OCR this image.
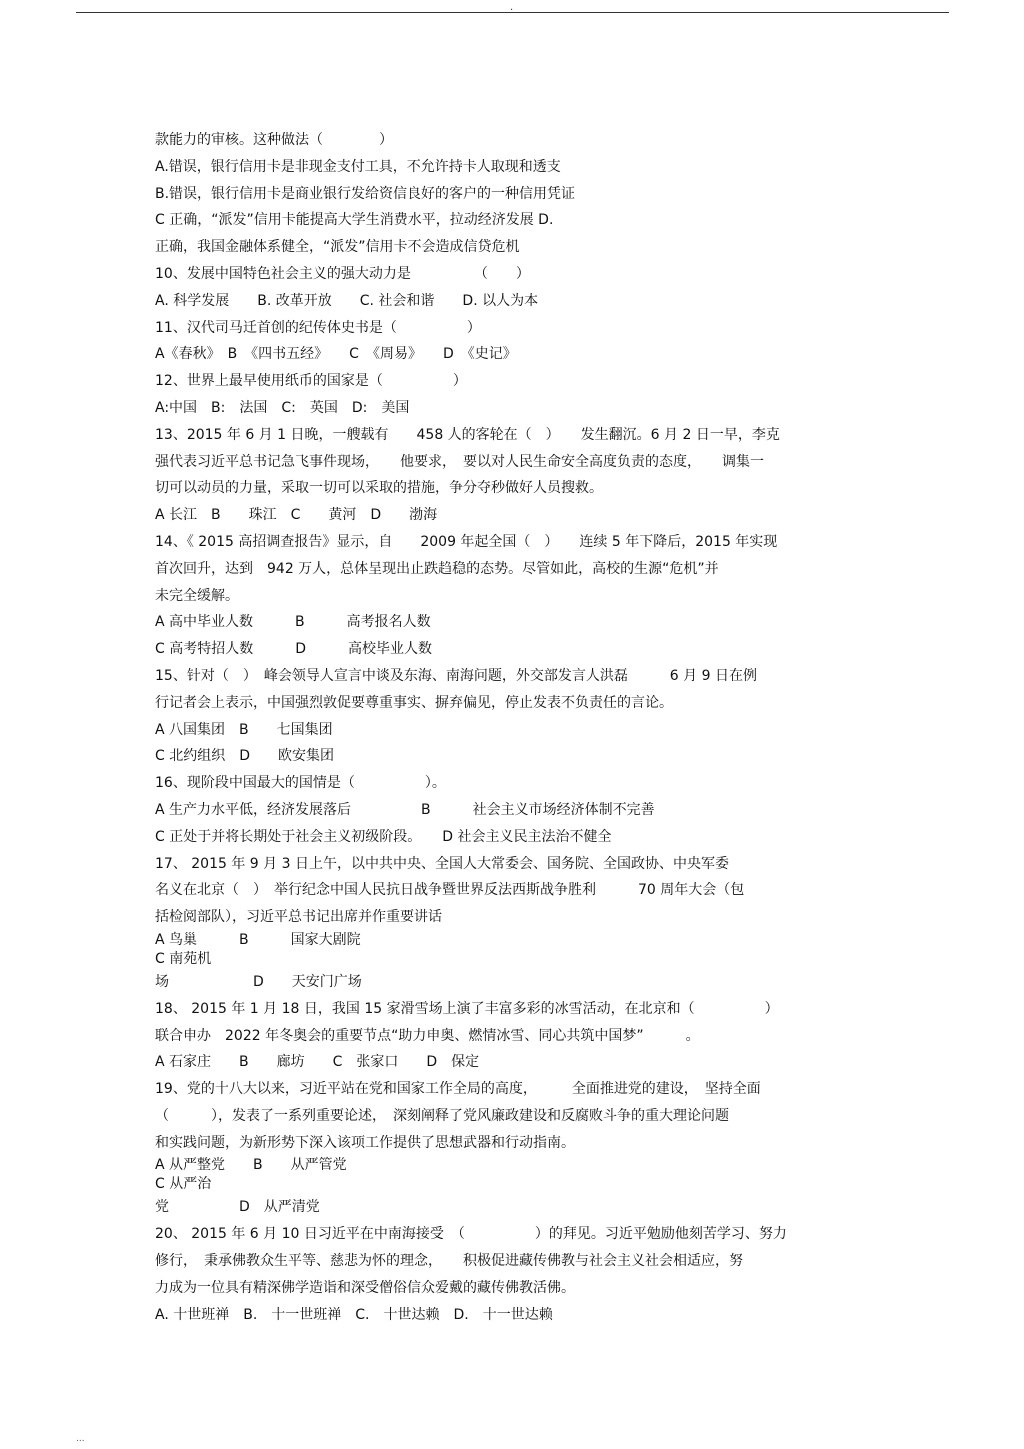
.
款能力的审核。这种做法（　　　　）
A.错误，银行信用卡是非现金支付工具，不允许持卡人取现和透支
B.错误，银行信用卡是商业银行发给资信良好的客户的一种信用凭证
C 正确，“派发”信用卡能提高大学生消费水平，拉动经济发展 D.
正确，我国金融体系健全，“派发”信用卡不会造成信贷危机
10、发展中国特色社会主义的强大动力是　　　　　（　　）
A. 科学发展　　B. 改革开放　　C. 社会和谐　　D. 以人为本
11、汉代司马迁首创的纪传体史书是（　　　　　）
A《春秋》　B　《四书五经》　　C　《周易》　　D　《史记》
12、世界上最早使用纸币的国家是（　　　　　）
A:中国　B:　法国　C:　英国　D:　美国
13、2015 年 6 月 1 日晚，一艘载有　　458 人的客轮在（　）　　发生翻沉。6 月 2 日一早，李克
强代表习近平总书记急飞事件现场，　　他要求，　要以对人民生命安全高度负责的态度，　　调集一
切可以动员的力量，采取一切可以采取的措施，争分夺秒做好人员搜救。
A 长江　B　　珠江　C　　黄河　D　　渤海
14、《 2015 高招调查报告》显示，自　　2009 年起全国（　）　　连续 5 年下降后，2015 年实现
首次回升，达到　942 万人，总体呈现出止跌趋稳的态势。尽管如此，高校的生源“危机”并
未完全缓解。
A 高中毕业人数　　　B　　　高考报名人数
C 高考特招人数　　　D　　　高校毕业人数
15、针对（　）　峰会领导人宣言中谈及东海、南海问题，外交部发言人洪磊　　　6 月 9 日在例
行记者会上表示，中国强烈敦促要尊重事实、摒弃偏见，停止发表不负责任的言论。
A 八国集团　B　　七国集团
C 北约组织　D　　欧安集团
16、现阶段中国最大的国情是（　　　　　）。
A 生产力水平低，经济发展落后　　　　　B　　　社会主义市场经济体制不完善
C 正处于并将长期处于社会主义初级阶段。　　D 社会主义民主法治不健全
17、 2015 年 9 月 3 日上午，以中共中央、全国人大常委会、国务院、全国政协、中央军委
名义在北京（　）　举行纪念中国人民抗日战争暨世界反法西斯战争胜利　　　70 周年大会（包
括检阅部队），习近平总书记出席并作重要讲话
A 鸟巢　　　B　　　国家大剧院
C 南苑机
场　　　　　　D　　天安门广场
18、 2015 年 1 月 18 日，我国 15 家滑雪场上演了丰富多彩的冰雪活动，在北京和（　　　　　）
联合申办　2022 年冬奥会的重要节点“助力申奥、燃情冰雪、同心共筑中国梦”　　　。
A 石家庄　　B　　廊坊　　C　张家口　　D　保定
19、党的十八大以来，习近平站在党和国家工作全局的高度，　　　全面推进党的建设，　坚持全面
（　　　），发表了一系列重要论述，　深刻阐释了党风廉政建设和反腐败斗争的重大理论问题
和实践问题，为新形势下深入该项工作提供了思想武器和行动指南。
A 从严整党　　B　　从严管党
C 从严治
党　　　　　D　从严清党
20、 2015 年 6 月 10 日习近平在中南海接受　（　　　　　）的拜见。习近平勉励他刻苦学习、努力
修行，　秉承佛教众生平等、慈悲为怀的理念，　　积极促进藏传佛教与社会主义社会相适应，努
力成为一位具有精深佛学造诣和深受僧俗信众爱戴的藏传佛教活佛。
A. 十世班禅　B.　十一世班禅　C.　十世达赖　D.　十一世达赖
...
